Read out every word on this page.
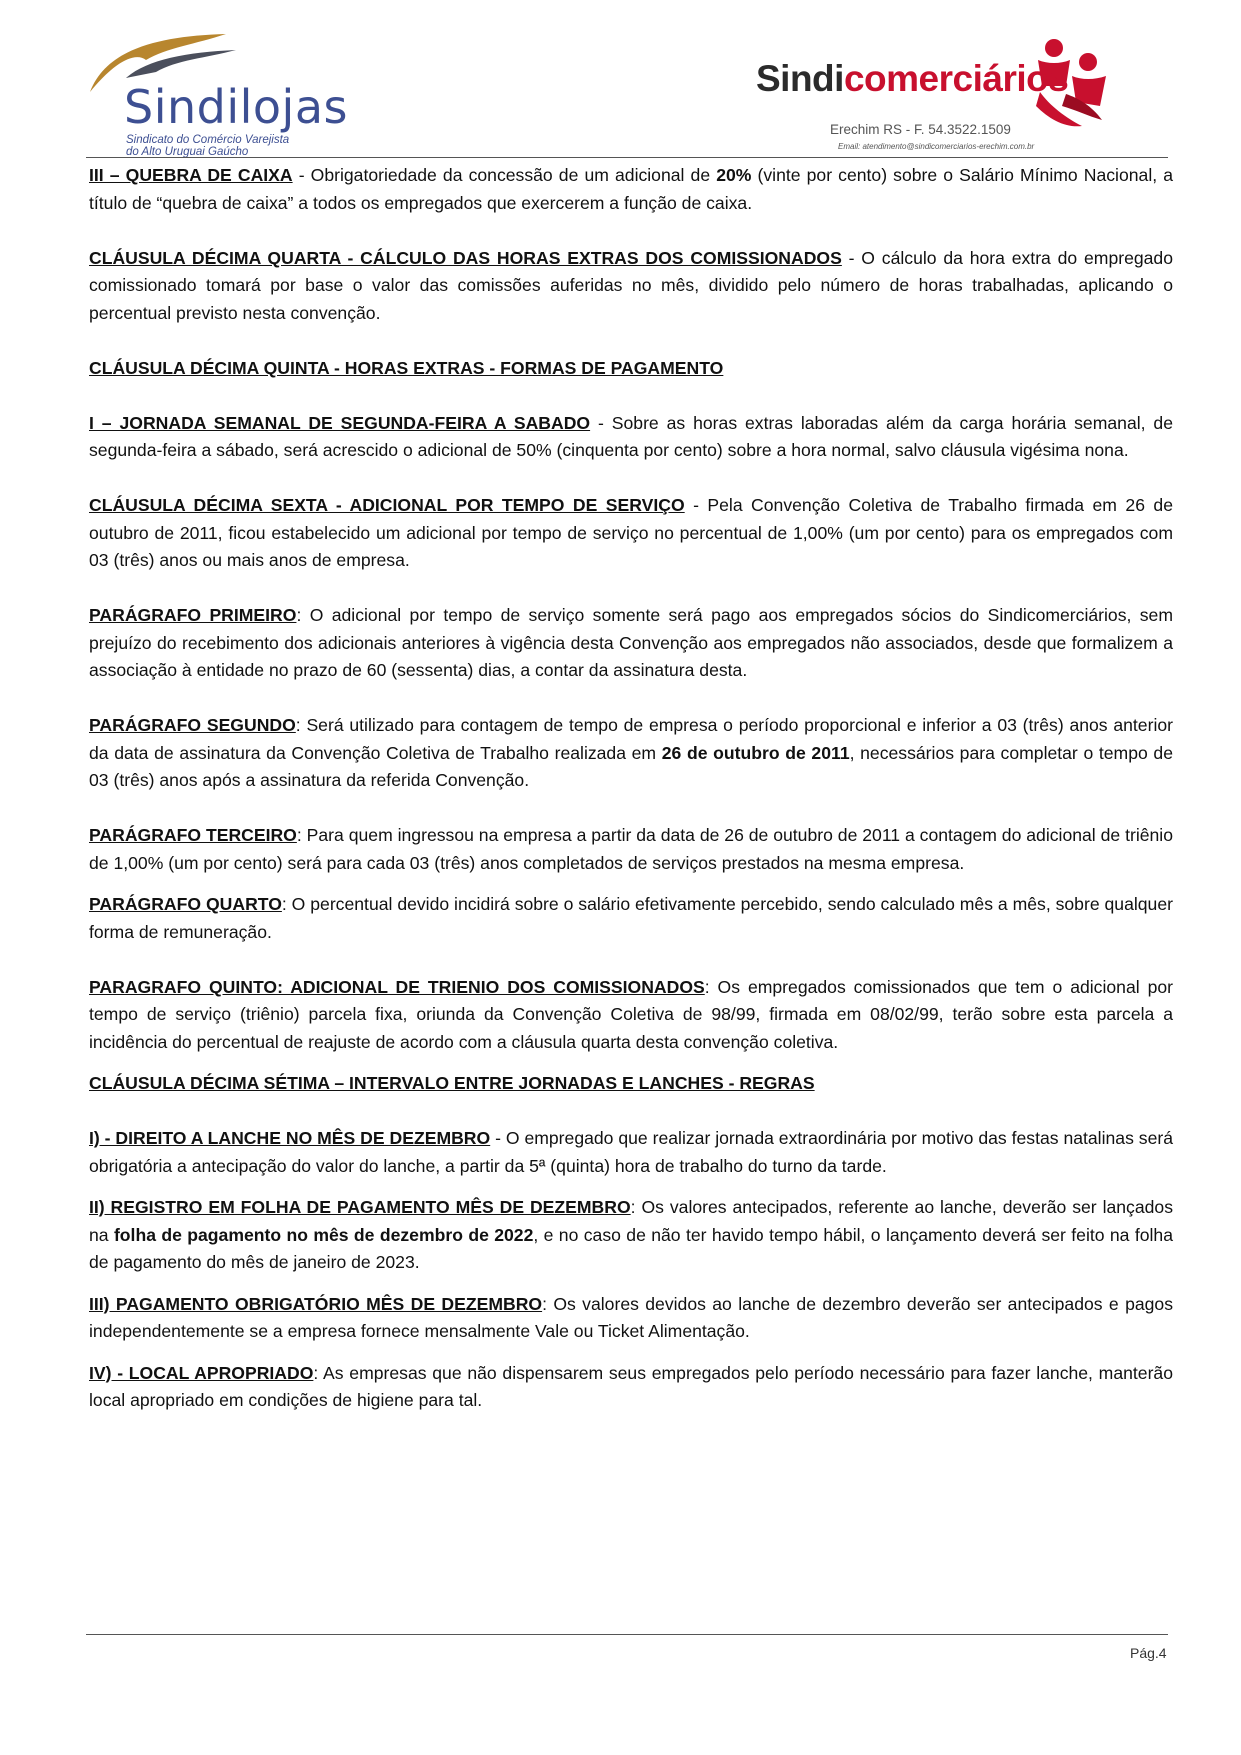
Sindilojas
Sindicato do Comércio Varejista
do Alto Uruguai Gaúcho
Sindicomerciários
Erechim RS - F. 54.3522.1509
Email: atendimento@sindicomerciarios-erechim.com.br

III – QUEBRA DE CAIXA - Obrigatoriedade da concessão de um adicional de 20% (vinte por cento) sobre o Salário Mínimo Nacional, a título de “quebra de caixa” a todos os empregados que exercerem a função de caixa.

CLÁUSULA DÉCIMA QUARTA - CÁLCULO DAS HORAS EXTRAS DOS COMISSIONADOS - O cálculo da hora extra do empregado comissionado tomará por base o valor das comissões auferidas no mês, dividido pelo número de horas trabalhadas, aplicando o percentual previsto nesta convenção.

CLÁUSULA DÉCIMA QUINTA - HORAS EXTRAS - FORMAS DE PAGAMENTO

I – JORNADA SEMANAL DE SEGUNDA-FEIRA A SABADO - Sobre as horas extras laboradas além da carga horária semanal, de segunda-feira a sábado, será acrescido o adicional de 50% (cinquenta por cento) sobre a hora normal, salvo cláusula vigésima nona.

CLÁUSULA DÉCIMA SEXTA - ADICIONAL POR TEMPO DE SERVIÇO - Pela Convenção Coletiva de Trabalho firmada em 26 de outubro de 2011, ficou estabelecido um adicional por tempo de serviço no percentual de 1,00% (um por cento) para os empregados com 03 (três) anos ou mais anos de empresa.

PARÁGRAFO PRIMEIRO: O adicional por tempo de serviço somente será pago aos empregados sócios do Sindicomerciários, sem prejuízo do recebimento dos adicionais anteriores à vigência desta Convenção aos empregados não associados, desde que formalizem a associação à entidade no prazo de 60 (sessenta) dias, a contar da assinatura desta.

PARÁGRAFO SEGUNDO: Será utilizado para contagem de tempo de empresa o período proporcional e inferior a 03 (três) anos anterior da data de assinatura da Convenção Coletiva de Trabalho realizada em 26 de outubro de 2011, necessários para completar o tempo de 03 (três) anos após a assinatura da referida Convenção.

PARÁGRAFO TERCEIRO: Para quem ingressou na empresa a partir da data de 26 de outubro de 2011 a contagem do adicional de triênio de 1,00% (um por cento) será para cada 03 (três) anos completados de serviços prestados na mesma empresa.

PARÁGRAFO QUARTO: O percentual devido incidirá sobre o salário efetivamente percebido, sendo calculado mês a mês, sobre qualquer forma de remuneração.

PARAGRAFO QUINTO: ADICIONAL DE TRIENIO DOS COMISSIONADOS: Os empregados comissionados que tem o adicional por tempo de serviço (triênio) parcela fixa, oriunda da Convenção Coletiva de 98/99, firmada em 08/02/99, terão sobre esta parcela a incidência do percentual de reajuste de acordo com a cláusula quarta desta convenção coletiva.

CLÁUSULA DÉCIMA SÉTIMA – INTERVALO ENTRE JORNADAS E LANCHES - REGRAS

I) - DIREITO A LANCHE NO MÊS DE DEZEMBRO - O empregado que realizar jornada extraordinária por motivo das festas natalinas será obrigatória a antecipação do valor do lanche, a partir da 5ª (quinta) hora de trabalho do turno da tarde.

II) REGISTRO EM FOLHA DE PAGAMENTO MÊS DE DEZEMBRO: Os valores antecipados, referente ao lanche, deverão ser lançados na folha de pagamento no mês de dezembro de 2022, e no caso de não ter havido tempo hábil, o lançamento deverá ser feito na folha de pagamento do mês de janeiro de 2023.

III) PAGAMENTO OBRIGATÓRIO MÊS DE DEZEMBRO: Os valores devidos ao lanche de dezembro deverão ser antecipados e pagos independentemente se a empresa fornece mensalmente Vale ou Ticket Alimentação.

IV) - LOCAL APROPRIADO: As empresas que não dispensarem seus empregados pelo período necessário para fazer lanche, manterão local apropriado em condições de higiene para tal.

Pág.4
